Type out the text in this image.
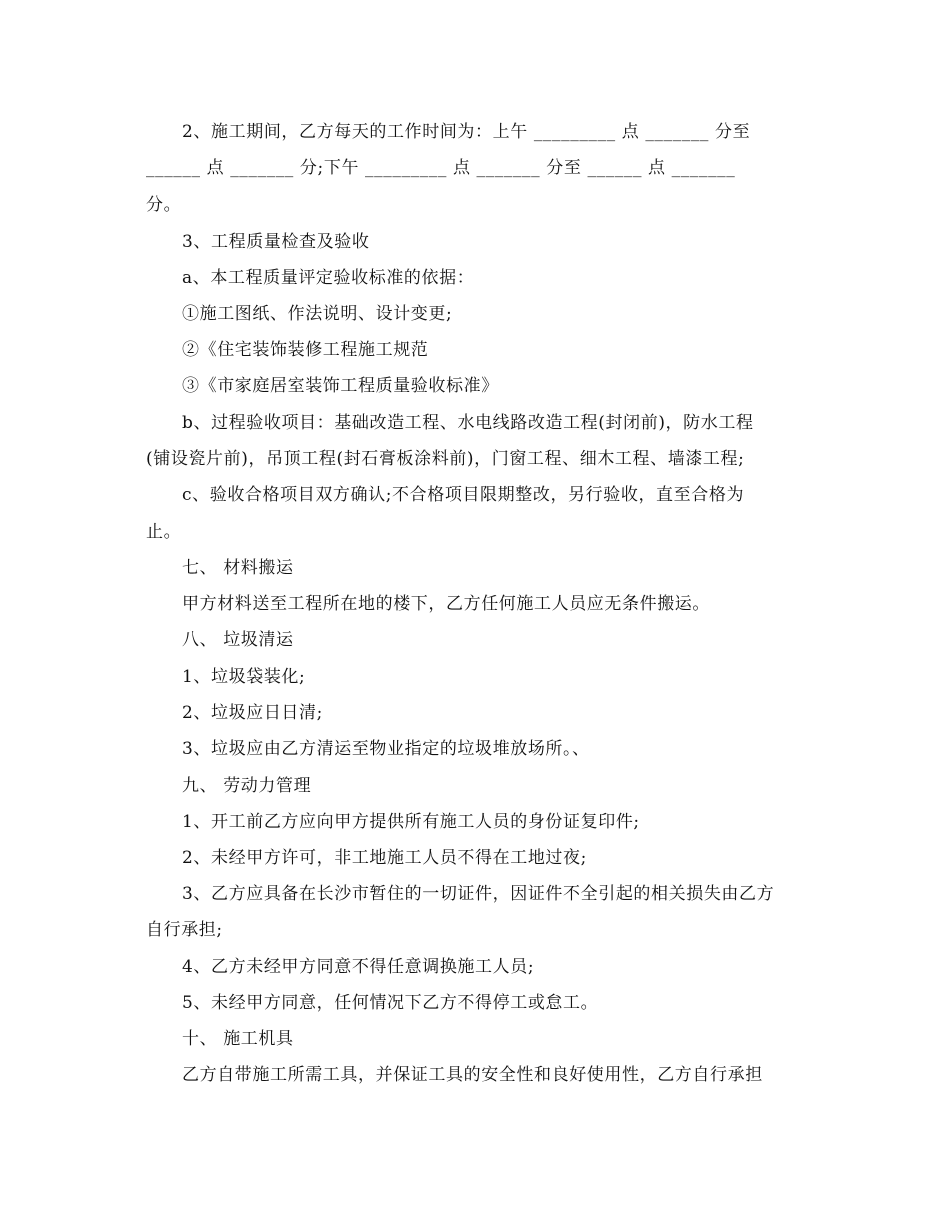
2、施工期间，乙方每天的工作时间为：上午 _________ 点 _______ 分至
______ 点 _______ 分;下午 _________ 点 _______ 分至 ______ 点 _______
分。
3、工程质量检查及验收
a、本工程质量评定验收标准的依据：
①施工图纸、作法说明、设计变更;
②《住宅装饰装修工程施工规范
③《市家庭居室装饰工程质量验收标准》
b、过程验收项目：基础改造工程、水电线路改造工程(封闭前)，防水工程
(铺设瓷片前)，吊顶工程(封石膏板涂料前)，门窗工程、细木工程、墙漆工程;
c、验收合格项目双方确认;不合格项目限期整改，另行验收，直至合格为
止。
七、 材料搬运
甲方材料送至工程所在地的楼下，乙方任何施工人员应无条件搬运。
八、 垃圾清运
1、垃圾袋装化;
2、垃圾应日日清;
3、垃圾应由乙方清运至物业指定的垃圾堆放场所。、
九、 劳动力管理
1、开工前乙方应向甲方提供所有施工人员的身份证复印件;
2、未经甲方许可，非工地施工人员不得在工地过夜;
3、乙方应具备在长沙市暂住的一切证件，因证件不全引起的相关损失由乙方
自行承担;
4、乙方未经甲方同意不得任意调换施工人员;
5、未经甲方同意，任何情况下乙方不得停工或怠工。
十、 施工机具
乙方自带施工所需工具，并保证工具的安全性和良好使用性，乙方自行承担
